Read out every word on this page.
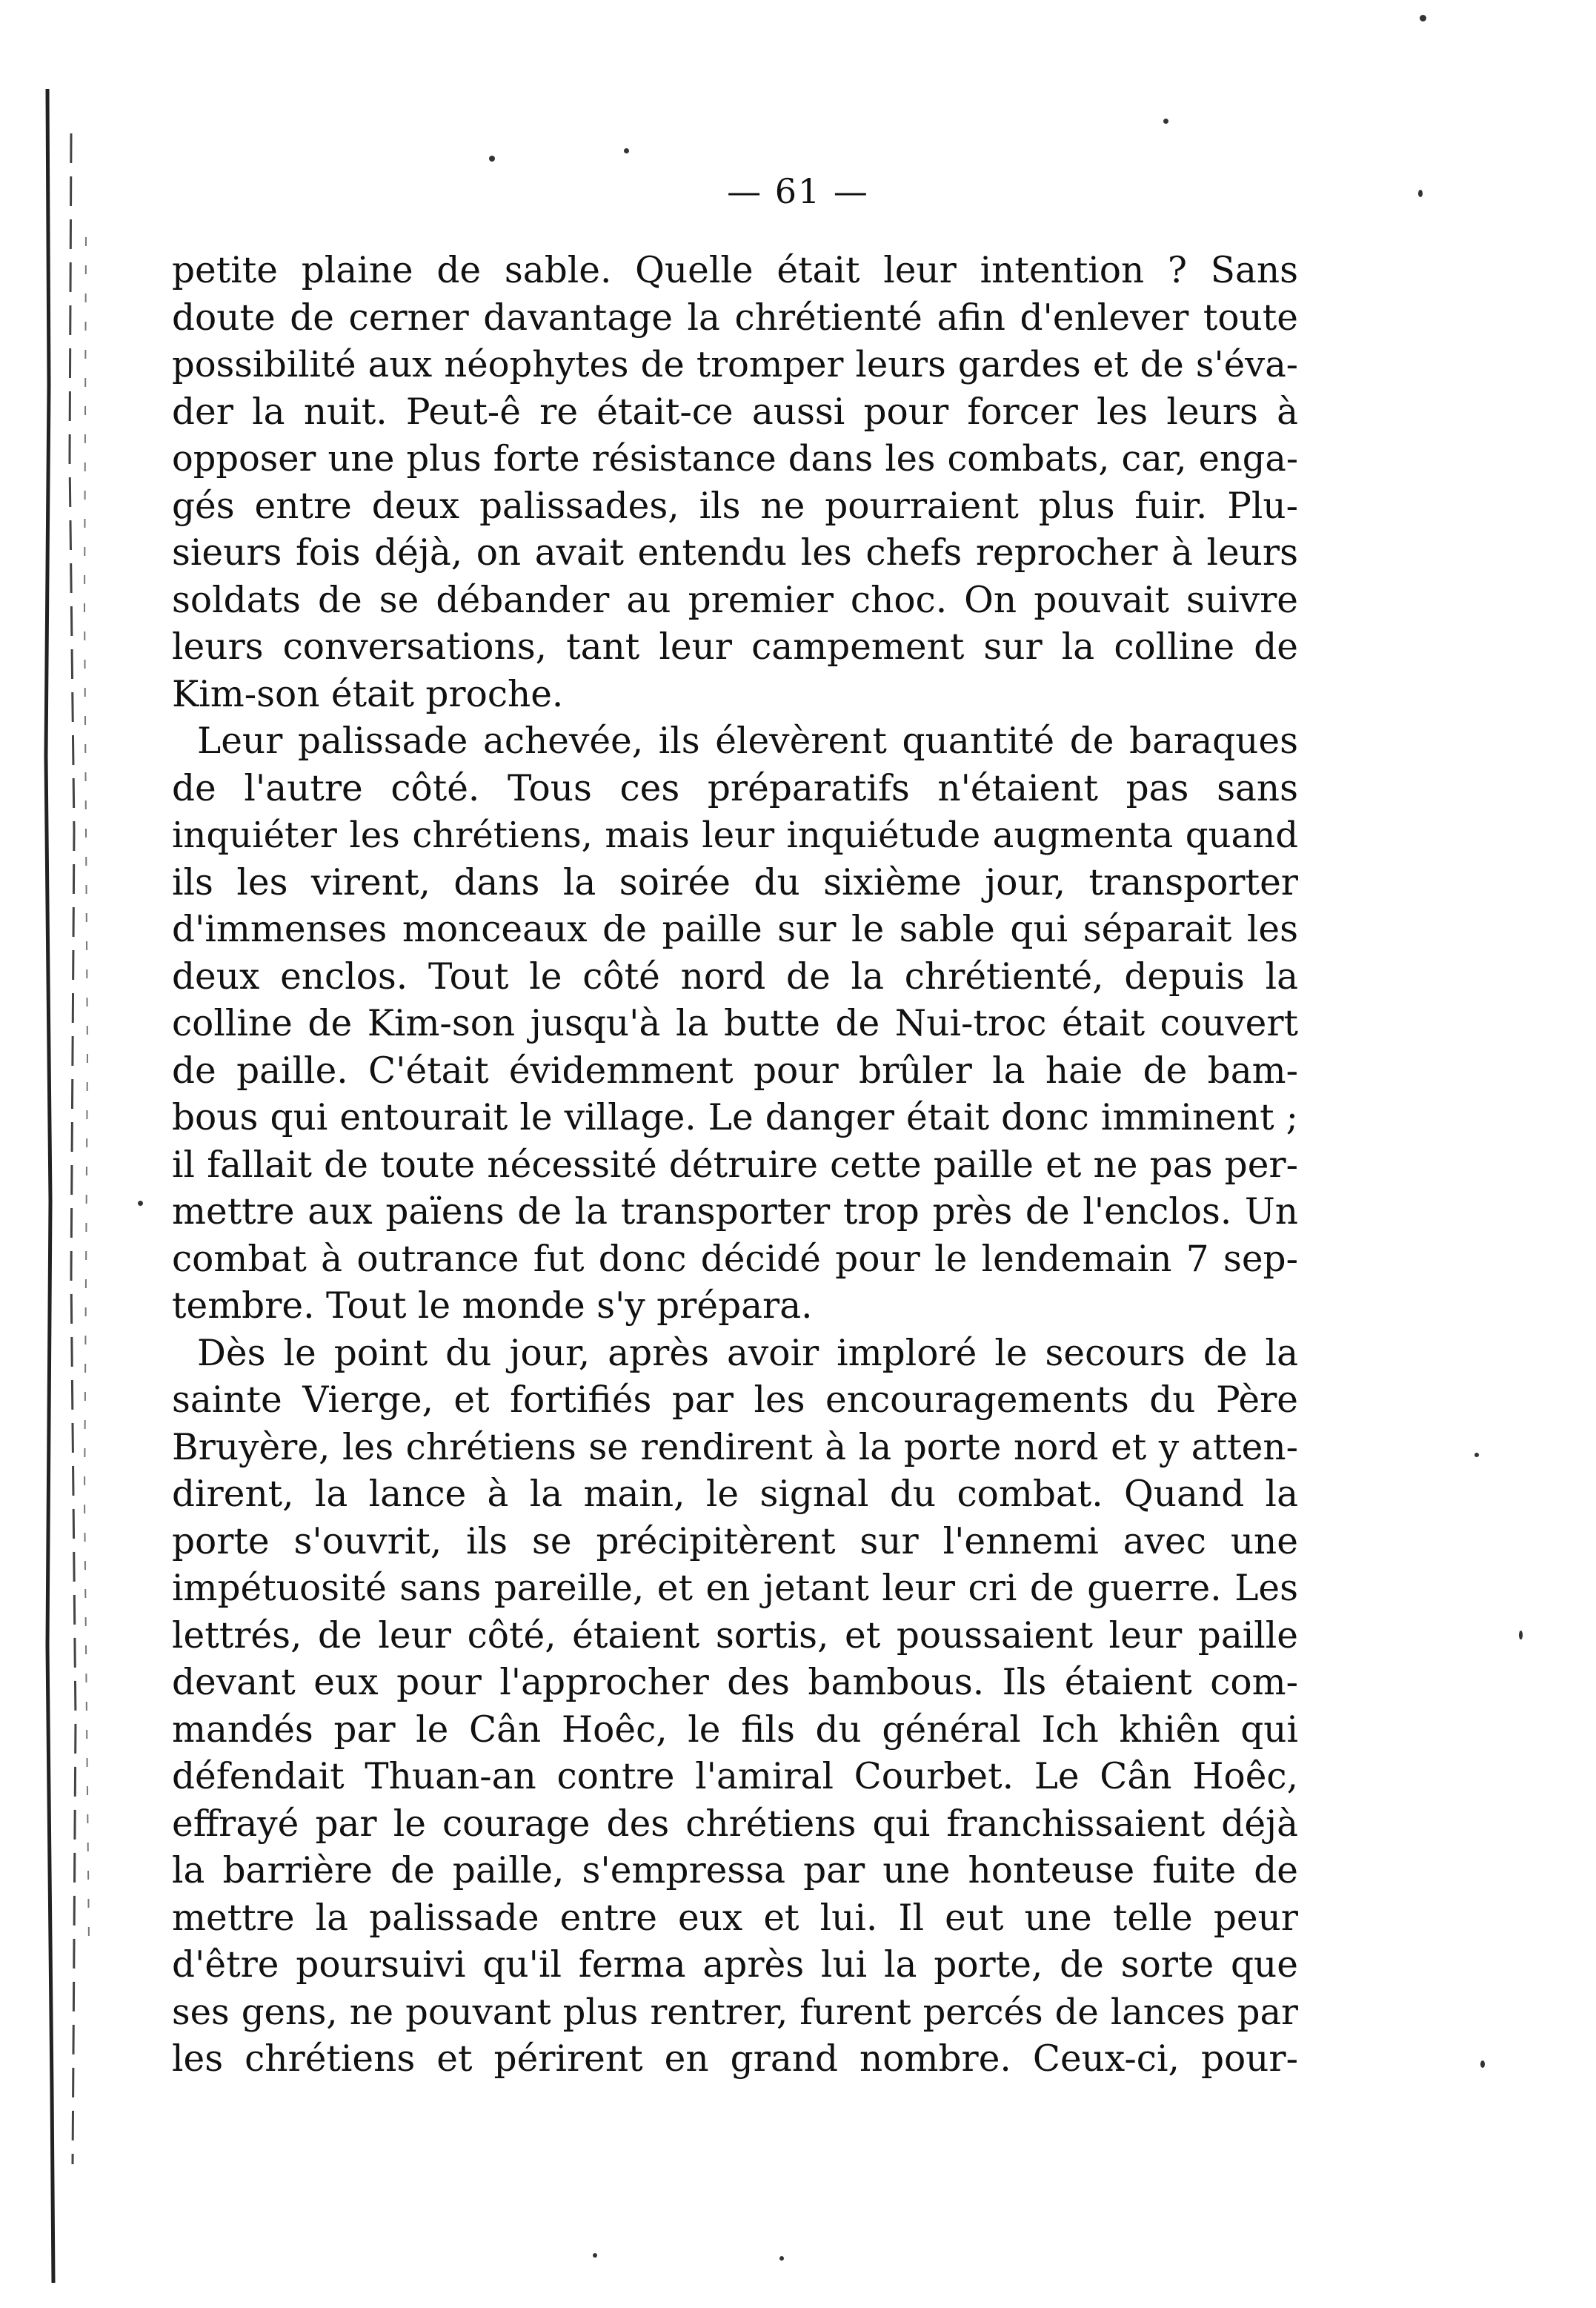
— 61 —
petite plaine de sable. Quelle était leur intention ? Sans
doute de cerner davantage la chrétienté afin d'enlever toute
possibilité aux néophytes de tromper leurs gardes et de s'éva-
der la nuit. Peut-ê re était-ce aussi pour forcer les leurs à
opposer une plus forte résistance dans les combats, car, enga-
gés entre deux palissades, ils ne pourraient plus fuir. Plu-
sieurs fois déjà, on avait entendu les chefs reprocher à leurs
soldats de se débander au premier choc. On pouvait suivre
leurs conversations, tant leur campement sur la colline de
Kim-son était proche.
Leur palissade achevée, ils élevèrent quantité de baraques
de l'autre côté. Tous ces préparatifs n'étaient pas sans
inquiéter les chrétiens, mais leur inquiétude augmenta quand
ils les virent, dans la soirée du sixième jour, transporter
d'immenses monceaux de paille sur le sable qui séparait les
deux enclos. Tout le côté nord de la chrétienté, depuis la
colline de Kim-son jusqu'à la butte de Nui-troc était couvert
de paille. C'était évidemment pour brûler la haie de bam-
bous qui entourait le village. Le danger était donc imminent ;
il fallait de toute nécessité détruire cette paille et ne pas per-
mettre aux païens de la transporter trop près de l'enclos. Un
combat à outrance fut donc décidé pour le lendemain 7 sep-
tembre. Tout le monde s'y prépara.
Dès le point du jour, après avoir imploré le secours de la
sainte Vierge, et fortifiés par les encouragements du Père
Bruyère, les chrétiens se rendirent à la porte nord et y atten-
dirent, la lance à la main, le signal du combat. Quand la
porte s'ouvrit, ils se précipitèrent sur l'ennemi avec une
impétuosité sans pareille, et en jetant leur cri de guerre. Les
lettrés, de leur côté, étaient sortis, et poussaient leur paille
devant eux pour l'approcher des bambous. Ils étaient com-
mandés par le Cân Hoêc, le fils du général Ich khiên qui
défendait Thuan-an contre l'amiral Courbet. Le Cân Hoêc,
effrayé par le courage des chrétiens qui franchissaient déjà
la barrière de paille, s'empressa par une honteuse fuite de
mettre la palissade entre eux et lui. Il eut une telle peur
d'être poursuivi qu'il ferma après lui la porte, de sorte que
ses gens, ne pouvant plus rentrer, furent percés de lances par
les chrétiens et périrent en grand nombre. Ceux-ci, pour-
